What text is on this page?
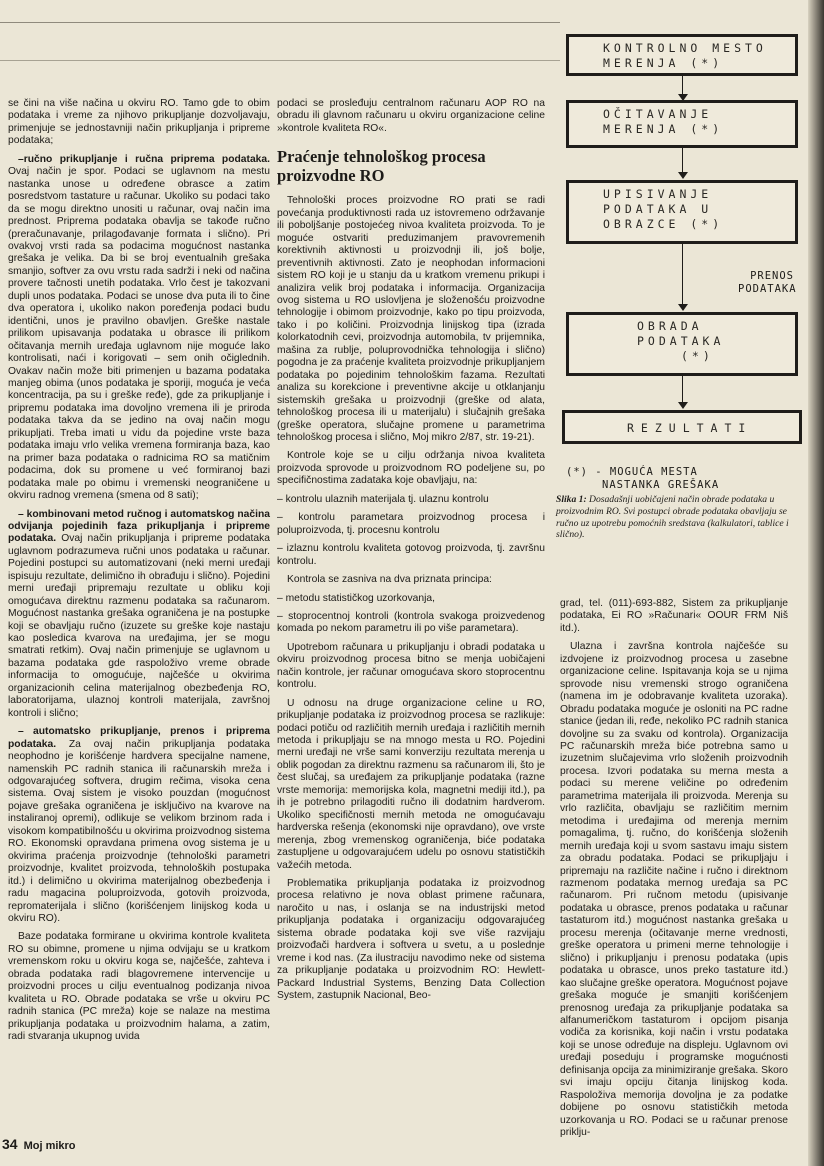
se čini na više načina u okviru RO. Tamo gde to obim podataka i vreme za njihovo prikupljanje dozvoljavaju, primenjuje se jednostavniji način prikupljanja i pripreme podataka;

–ručno prikupljanje i ručna priprema podataka. Ovaj način je spor. Podaci se uglavnom na mestu nastanka unose u određene obrasce a zatim posredstvom tastature u računar. Ukoliko su podaci tako da se mogu direktno unositi u računar, ovaj način ima prednost. Priprema podataka obavlja se takođe ručno (preračunavanje, prilagođavanje formata i slično). Pri ovakvoj vrsti rada sa podacima mogućnost nastanka grešaka je velika. Da bi se broj eventualnih grešaka smanjio, softver za ovu vrstu rada sadrži i neki od načina provere tačnosti unetih podataka. Vrlo čest je takozvani dupli unos podataka. Podaci se unose dva puta ili to čine dva operatora i, ukoliko nakon poređenja podaci budu identični, unos je pravilno obavljen. Greške nastale prilikom upisavanja podataka u obrasce ili prilikom očitavanja mernih uređaja uglavnom nije moguće lako kontrolisati, naći i korigovati – sem onih očiglednih. Ovakav način može biti primenjen u bazama podataka manjeg obima (unos podataka je sporiji, moguća je veća koncentracija, pa su i greške ređe), gde za prikupljanje i pripremu podataka ima dovoljno vremena ili je priroda podataka takva da se jedino na ovaj način mogu prikupljati. Treba imati u vidu da pojedine vrste baza podataka imaju vrlo velika vremena formiranja baza, kao na primer baza podataka o radnicima RO sa matičnim podacima, dok su promene u već formiranoj bazi podataka male po obimu i vremenski neograničene u okviru radnog vremena (smena od 8 sati);

– kombinovani metod ručnog i automatskog načina odvijanja pojedinih faza prikupljanja i pripreme podataka. Ovaj način prikupljanja i pripreme podataka uglavnom podrazumeva ručni unos podataka u računar. Pojedini postupci su automatizovani (neki merni uređaji ispisuju rezultate, delimično ih obrađuju i slično). Pojedini merni uređaji pripremaju rezultate u obliku koji omogućava direktnu razmenu podataka sa računarom. Mogućnost nastanka grešaka ograničena je na postupke koji se obavljaju ručno (izuzete su greške koje nastaju kao posledica kvarova na uređajima, jer se mogu smatrati retkim). Ovaj način primenjuje se uglavnom u bazama podataka gde raspoloživo vreme obrade informacija to omogućuje, najčešće u okvirima organizacionih celina materijalnog obezbeđenja RO, laboratorijama, ulaznoj kontroli materijala, završnoj kontroli i slično;

– automatsko prikupljanje, prenos i priprema podataka. Za ovaj način prikupljanja podataka neophodno je korišćenje hardvera specijalne namene, namenskih PC radnih stanica ili računarskih mreža i odgovarajućeg softvera, drugim rečima, visoka cena sistema. Ovaj sistem je visoko pouzdan (mogućnost pojave grešaka ograničena je isključivo na kvarove na instaliranoj opremi), odlikuje se velikom brzinom rada i visokom kompatibilnošću u okvirima proizvodnog sistema RO. Ekonomski opravdana primena ovog sistema je u okvirima praćenja proizvodnje (tehnološki parametri proizvodnje, kvalitet proizvoda, tehnoloških postupaka itd.) i delimično u okvirima materijalnog obezbeđenja i radu magacina poluproizvoda, gotovih proizvoda, repromaterijala i slično (korišćenjem linijskog koda u okviru RO).

Baze podataka formirane u okvirima kontrole kvaliteta RO su obimne, promene u njima odvijaju se u kratkom vremenskom roku u okviru koga se, najčešće, zahteva i obrada podataka radi blagovremene intervencije u proizvodni proces u cilju eventualnog podizanja nivoa kvaliteta u RO. Obrade podataka se vrše u okviru PC radnih stanica (PC mreža) koje se nalaze na mestima prikupljanja podataka u proizvodnim halama, a zatim, radi stvaranja ukupnog uvida

podaci se prosleđuju centralnom računaru AOP RO na obradu ili glavnom računaru u okviru organizacione celine »kontrole kvaliteta RO«.

Praćenje tehnološkog procesa proizvodne RO

Tehnološki proces proizvodne RO prati se radi povećanja produktivnosti rada uz istovremeno održavanje ili poboljšanje postojećeg nivoa kvaliteta proizvoda. To je moguće ostvariti preduzimanjem pravovremenih korektivnih aktivnosti u proizvodnji ili, još bolje, preventivnih aktivnosti. Zato je neophodan informacioni sistem RO koji je u stanju da u kratkom vremenu prikupi i analizira velik broj podataka i informacija. Organizacija ovog sistema u RO uslovljena je složenošću proizvodne tehnologije i obimom proizvodnje, kako po tipu proizvoda, tako i po količini. Proizvodnja linijskog tipa (izrada kolorkatodnih cevi, proizvodnja automobila, tv prijemnika, mašina za rublje, poluprovodnička tehnologija i slično) pogodna je za praćenje kvaliteta proizvodnje prikupljanjem podataka po pojedinim tehnološkim fazama. Rezultati analiza su korekcione i preventivne akcije u otklanjanju sistemskih grešaka u proizvodnji (greške od alata, tehnološkog procesa ili u materijalu) i slučajnih grešaka (greške operatora, slučajne promene u parametrima tehnološkog procesa i slično, Moj mikro 2/87, str. 19-21).

Kontrole koje se u cilju održanja nivoa kvaliteta proizvoda sprovode u proizvodnom RO podeljene su, po specifičnostima zadataka koje obavljaju, na:

– kontrolu ulaznih materijala tj. ulaznu kontrolu

– kontrolu parametara proizvodnog procesa i poluproizvoda, tj. procesnu kontrolu

– izlaznu kontrolu kvaliteta gotovog proizvoda, tj. završnu kontrolu.

Kontrola se zasniva na dva priznata principa:

– metodu statističkog uzorkovanja,

– stoprocentnoj kontroli (kontrola svakoga proizvedenog komada po nekom parametru ili po više parametara).

Upotrebom računara u prikupljanju i obradi podataka u okviru proizvodnog procesa bitno se menja uobičajeni način kontrole, jer računar omogućava skoro stoprocentnu kontrolu.

U odnosu na druge organizacione celine u RO, prikupljanje podataka iz proizvodnog procesa se razlikuje: podaci potiču od različitih mernih uređaja i različitih mernih metoda i prikupljaju se na mnogo mesta u RO. Pojedini merni uređaji ne vrše sami konverziju rezultata merenja u oblik pogodan za direktnu razmenu sa računarom ili, što je čest slučaj, sa uređajem za prikupljanje podataka (razne vrste memorija: memorijska kola, magnetni mediji itd.), pa ih je potrebno prilagoditi ručno ili dodatnim hardverom. Ukoliko specifičnosti mernih metoda ne omogućavaju hardverska rešenja (ekonomski nije opravdano), ove vrste merenja, zbog vremenskog ograničenja, biće podataka zastupljene u odgovarajućem udelu po osnovu statističkih važećih metoda.

Problematika prikupljanja podataka iz proizvodnog procesa relativno je nova oblast primene računara, naročito u nas, i oslanja se na industrijski metod prikupljanja podataka i organizaciju odgovarajućeg sistema obrade podataka koji sve više razvijaju proizvođači hardvera i softvera u svetu, a u poslednje vreme i kod nas. (Za ilustraciju navodimo neke od sistema za prikupljanje podataka u proizvodnim RO: Hewlett-Packard Industrial Systems, Benzing Data Collection System, zastupnik Nacional, Beo-

KONTROLNO MESTO
MERENJA (*)
OČITAVANJE
MERENJA (*)
UPISIVANJE
PODATAKA U
OBRAZCE (*)
PRENOS
PODATAKA
OBRADA
PODATAKA
(*)
REZULTATI
(*) - MOGUĆA MESTA
NASTANKA GREŠAKA
Slika 1: Dosadašnji uobičajeni način obrade podataka u proizvodnim RO. Svi postupci obrade podataka obavljaju se ručno uz upotrebu pomoćnih sredstava (kalkulatori, tablice i slično).

grad, tel. (011)-693-882, Sistem za prikupljanje podataka, Ei RO »Računari« OOUR FRM Niš itd.).

Ulazna i završna kontrola najčešće su izdvojene iz proizvodnog procesa u zasebne organizacione celine. Ispitavanja koja se u njima sprovode nisu vremenski strogo ograničena (namena im je odobravanje kvaliteta uzoraka). Obradu podataka moguće je osloniti na PC radne stanice (jedan ili, ređe, nekoliko PC radnih stanica dovoljne su za svaku od kontrola). Organizacija PC računarskih mreža biće potrebna samo u izuzetnim slučajevima vrlo složenih proizvodnih procesa. Izvori podataka su merna mesta a podaci su merene veličine po određenim parametrima materijala ili proizvoda. Merenja su vrlo različita, obavljaju se različitim mernim metodima i uređajima od merenja mernim pomagalima, tj. ručno, do korišćenja složenih mernih uređaja koji u svom sastavu imaju sistem za obradu podataka. Podaci se prikupljaju i pripremaju na različite načine i ručno i direktnom razmenom podataka mernog uređaja sa PC računarom. Pri ručnom metodu (upisivanje podataka u obrasce, prenos podataka u računar tastaturom itd.) mogućnost nastanka grešaka u procesu merenja (očitavanje merne vrednosti, greške operatora u primeni merne tehnologije i slično) i prikupljanju i prenosu podataka (upis podataka u obrasce, unos preko tastature itd.) kao slučajne greške operatora. Mogućnost pojave grešaka moguće je smanjiti korišćenjem prenosnog uređaja za prikupljanje podataka sa alfanumeričkom tastaturom i opcijom pisanja vodiča za korisnika, koji način i vrstu podataka koji se unose određuje na displeju. Uglavnom ovi uređaji poseduju i programske mogućnosti definisanja opcija za minimiziranje grešaka. Skoro svi imaju opciju čitanja linijskog koda. Raspoloživa memorija dovoljna je za podatke dobijene po osnovu statističkih metoda uzorkovanja u RO. Podaci se u računar prenose priklju-

34 Moj mikro
